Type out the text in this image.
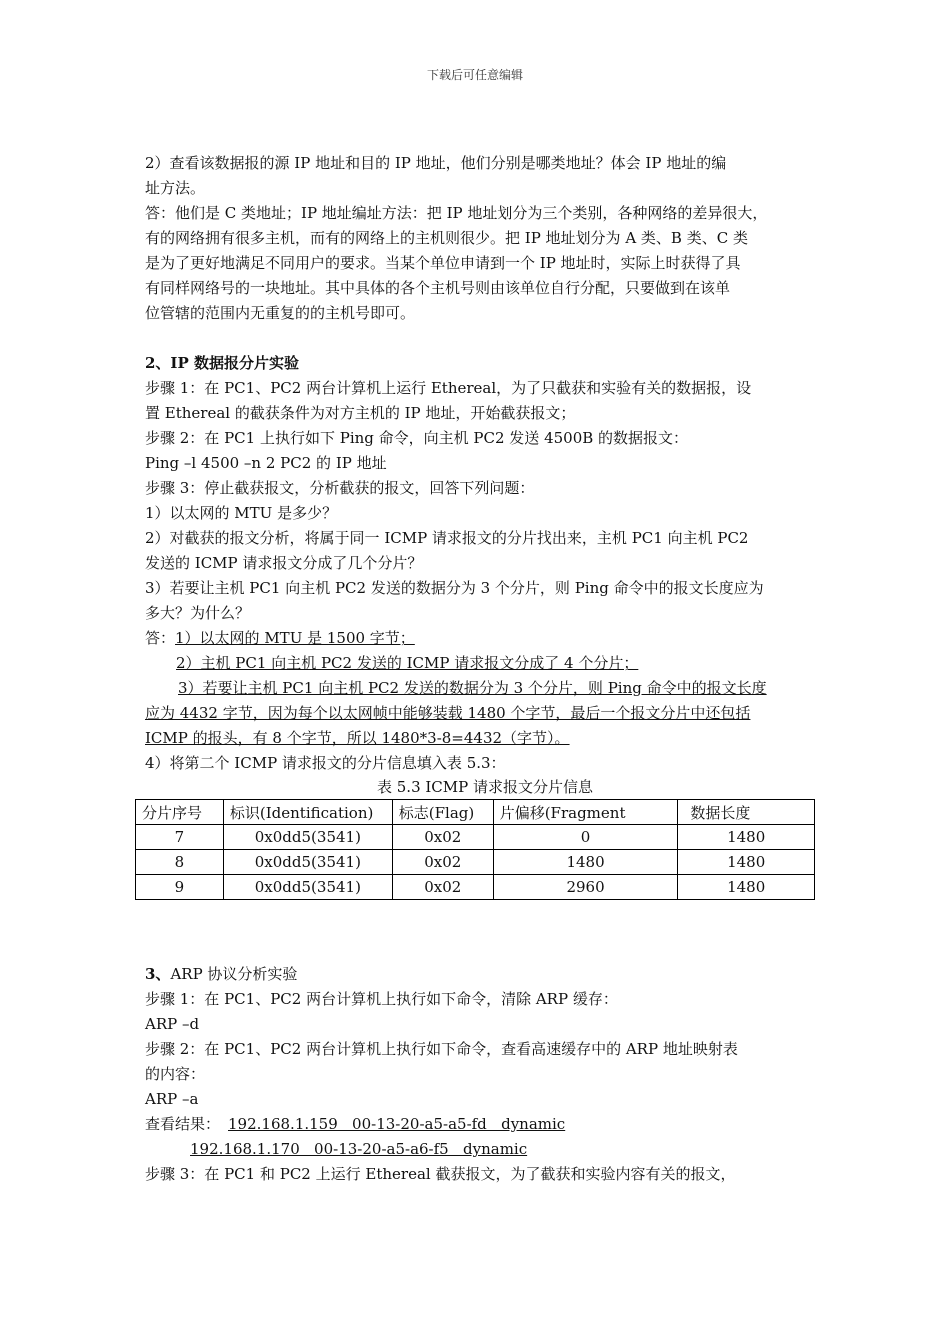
下载后可任意编辑
2）查看该数据报的源 IP 地址和目的 IP 地址，他们分别是哪类地址？体会 IP 地址的编
址方法。
答：他们是 C 类地址；IP 地址编址方法：把 IP 地址划分为三个类别，各种网络的差异很大，
有的网络拥有很多主机，而有的网络上的主机则很少。把 IP 地址划分为 A 类、B 类、C 类
是为了更好地满足不同用户的要求。当某个单位申请到一个 IP 地址时，实际上时获得了具
有同样网络号的一块地址。其中具体的各个主机号则由该单位自行分配，只要做到在该单
位管辖的范围内无重复的的主机号即可。
2、IP 数据报分片实验
步骤 1：在 PC1、PC2 两台计算机上运行 Ethereal，为了只截获和实验有关的数据报，设
置 Ethereal 的截获条件为对方主机的 IP 地址，开始截获报文；
步骤 2：在 PC1 上执行如下 Ping 命令，向主机 PC2 发送 4500B 的数据报文：
Ping –l 4500 –n 2 PC2 的 IP 地址
步骤 3：停止截获报文，分析截获的报文，回答下列问题：
1）以太网的 MTU 是多少？
2）对截获的报文分析，将属于同一 ICMP 请求报文的分片找出来，主机 PC1 向主机 PC2
发送的 ICMP 请求报文分成了几个分片？
3）若要让主机 PC1 向主机 PC2 发送的数据分为 3 个分片，则 Ping 命令中的报文长度应为
多大？为什么？
答：1）以太网的 MTU 是 1500 字节；
2）主机 PC1 向主机 PC2 发送的 ICMP 请求报文分成了 4 个分片；
3）若要让主机 PC1 向主机 PC2 发送的数据分为 3 个分片，则 Ping 命令中的报文长度
应为 4432 字节，因为每个以太网帧中能够装载 1480 个字节，最后一个报文分片中还包括
ICMP 的报头，有 8 个字节，所以 1480*3-8=4432（字节）。
4）将第二个 ICMP 请求报文的分片信息填入表 5.3：
表 5.3 ICMP 请求报文分片信息
分片序号	标识(Identification)	标志(Flag)	片偏移(Fragment	数据长度
7	0x0dd5(3541)	0x02	0	1480
8	0x0dd5(3541)	0x02	1480	1480
9	0x0dd5(3541)	0x02	2960	1480
3、ARP 协议分析实验
步骤 1：在 PC1、PC2 两台计算机上执行如下命令，清除 ARP 缓存：
ARP –d
步骤 2：在 PC1、PC2 两台计算机上执行如下命令，查看高速缓存中的 ARP 地址映射表
的内容：
ARP –a
查看结果： 192.168.1.159   00-13-20-a5-a5-fd   dynamic
192.168.1.170   00-13-20-a5-a6-f5   dynamic
步骤 3：在 PC1 和 PC2 上运行 Ethereal 截获报文，为了截获和实验内容有关的报文，
